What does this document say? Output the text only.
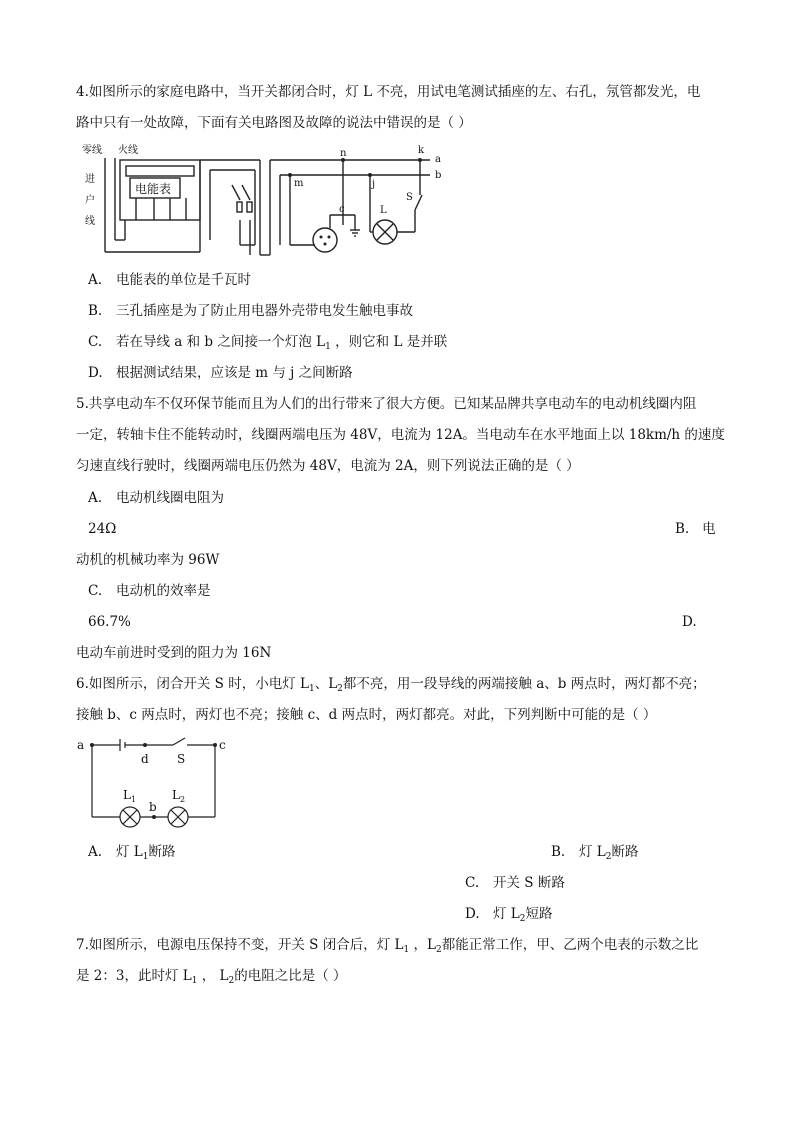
4.如图所示的家庭电路中，当开关都闭合时，灯 L 不亮，用试电笔测试插座的左、右孔，氖管都发光，电
路中只有一处故障，下面有关电路图及故障的说法中错误的是（ ）
零线 火线
进
户
线
电能表
n	k
a
b
m	j
c
S
L
A. 电能表的单位是千瓦时
B. 三孔插座是为了防止用电器外壳带电发生触电事故
C. 若在导线 a 和 b 之间接一个灯泡 $L_1$ ，则它和 L 是并联
D. 根据测试结果，应该是 m 与 j 之间断路
5.共享电动车不仅环保节能而且为人们的出行带来了很大方便。已知某品牌共享电动车的电动机线圈内阻
一定，转轴卡住不能转动时，线圈两端电压为 48V，电流为 12A。当电动车在水平地面上以 18km/h 的速度
匀速直线行驶时，线圈两端电压仍然为 48V，电流为 2A，则下列说法正确的是（ ）
A. 电动机线圈电阻为
24Ω	B. 电
动机的机械功率为 96W
C. 电动机的效率是
66.7%	D.
电动车前进时受到的阻力为 16N
6.如图所示，闭合开关 S 时，小电灯 $L_1$、$L_2$都不亮，用一段导线的两端接触 a、b 两点时，两灯都不亮；
接触 b、c 两点时，两灯也不亮；接触 c、d 两点时，两灯都亮。对此，下列判断中可能的是（ ）
a	c
d S
b
L 1	L 2
A. 灯 $L_1$断路	B. 灯 $L_2$断路
C. 开关 S 断路
D. 灯 $L_2$短路
7.如图所示，电源电压保持不变，开关 S 闭合后，灯 $L_1$ ，$L_2$都能正常工作，甲、乙两个电表的示数之比
是 2：3，此时灯 $L_1$ ， $L_2$的电阻之比是（ ）
